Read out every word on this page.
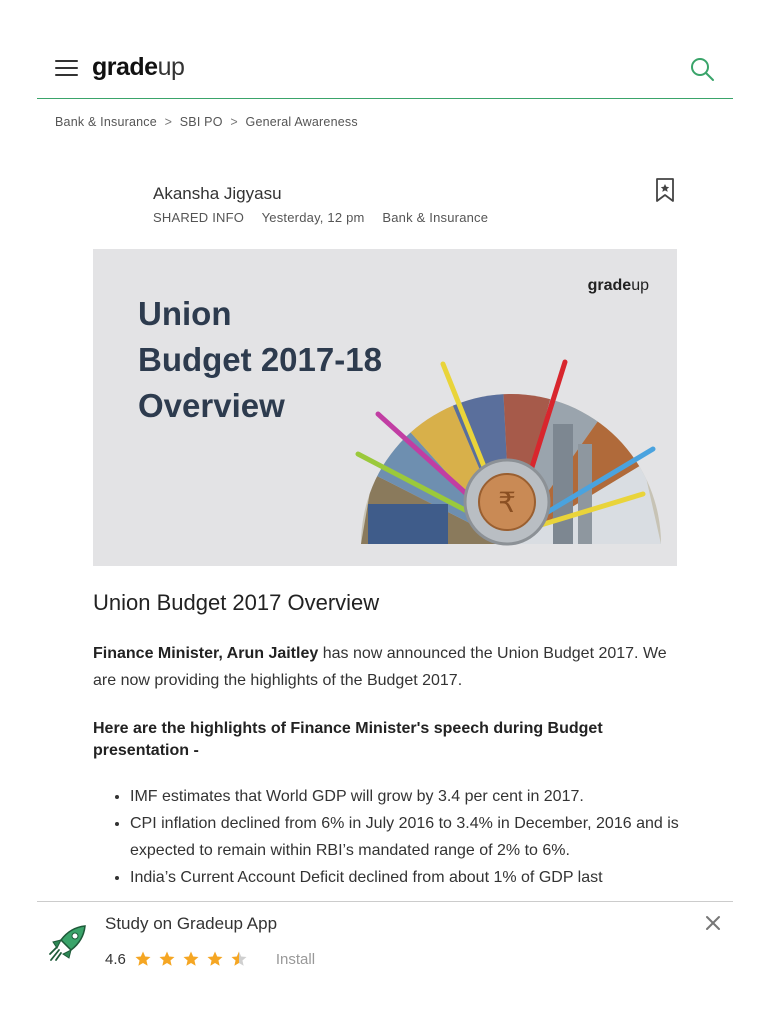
gradeup
Bank & Insurance > SBI PO > General Awareness
Akansha Jigyasu
SHARED INFO Yesterday, 12 pm Bank & Insurance
Union
Budget 2017-18
Overview
gradeup
₹
Union Budget 2017 Overview
Finance Minister, Arun Jaitley has now announced the Union Budget 2017. We are now providing the highlights of the Budget 2017.
Here are the highlights of Finance Minister's speech during Budget presentation -
• IMF estimates that World GDP will grow by 3.4 per cent in 2017.
• CPI inflation declined from 6% in July 2016 to 3.4% in December, 2016 and is expected to remain within RBI’s mandated range of 2% to 6%.
• India’s Current Account Deficit declined from about 1% of GDP last
Study on Gradeup App
4.6	Install
